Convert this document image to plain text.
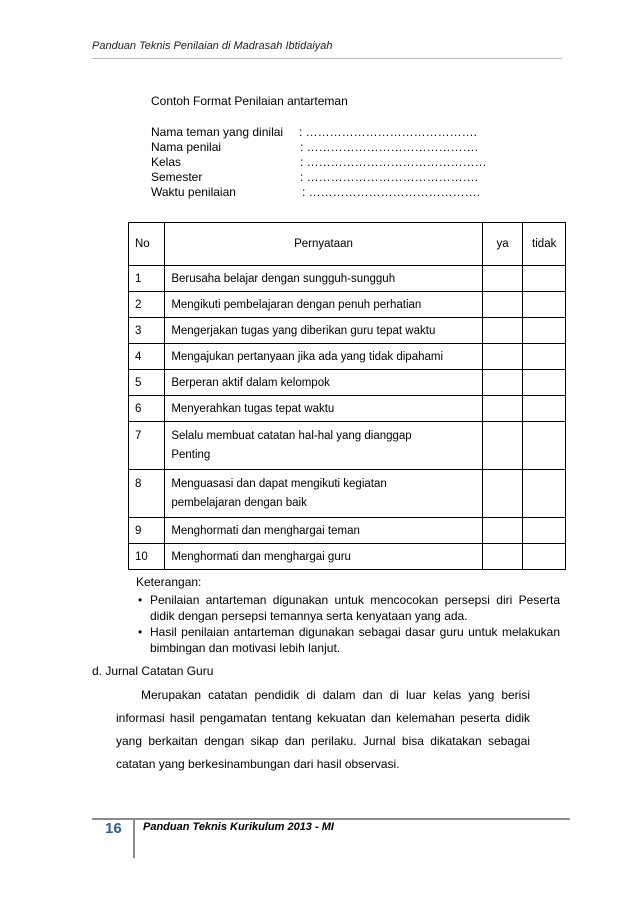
Panduan Teknis Penilaian di Madrasah Ibtidaiyah
Contoh Format Penilaian antarteman
Nama teman yang dinilai : …………………………………….
Nama penilai	: …………………………………….
Kelas	: ………………………………………
Semester	: …………………………………….
Waktu penilaian	: …………………………………….
No	Pernyataan	ya	tidak
1	Berusaha belajar dengan sungguh-sungguh		
2	Mengikuti pembelajaran dengan penuh perhatian		
3	Mengerjakan tugas yang diberikan guru tepat waktu		
4	Mengajukan pertanyaan jika ada yang tidak dipahami		
5	Berperan aktif dalam kelompok		
6	Menyerahkan tugas tepat waktu		
7	Selalu membuat catatan hal-hal yang dianggap
Penting		

8	Menguasasi dan dapat mengikuti kegiatan
pembelajaran dengan baik		

9	Menghormati dan menghargai teman		
10	Menghormati dan menghargai guru		
Keterangan:
• Penilaian antarteman digunakan untuk mencocokan persepsi diri Peserta didik dengan persepsi temannya serta kenyataan yang ada.
• Hasil penilaian antarteman digunakan sebagai dasar guru untuk melakukan bimbingan dan motivasi lebih lanjut.
d. Jurnal Catatan Guru
Merupakan catatan pendidik di dalam dan di luar kelas yang berisi informasi hasil pengamatan tentang kekuatan dan kelemahan peserta didik yang berkaitan dengan sikap dan perilaku. Jurnal bisa dikatakan sebagai catatan yang berkesinambungan dari hasil observasi.
16 Panduan Teknis Kurikulum 2013 - MI
